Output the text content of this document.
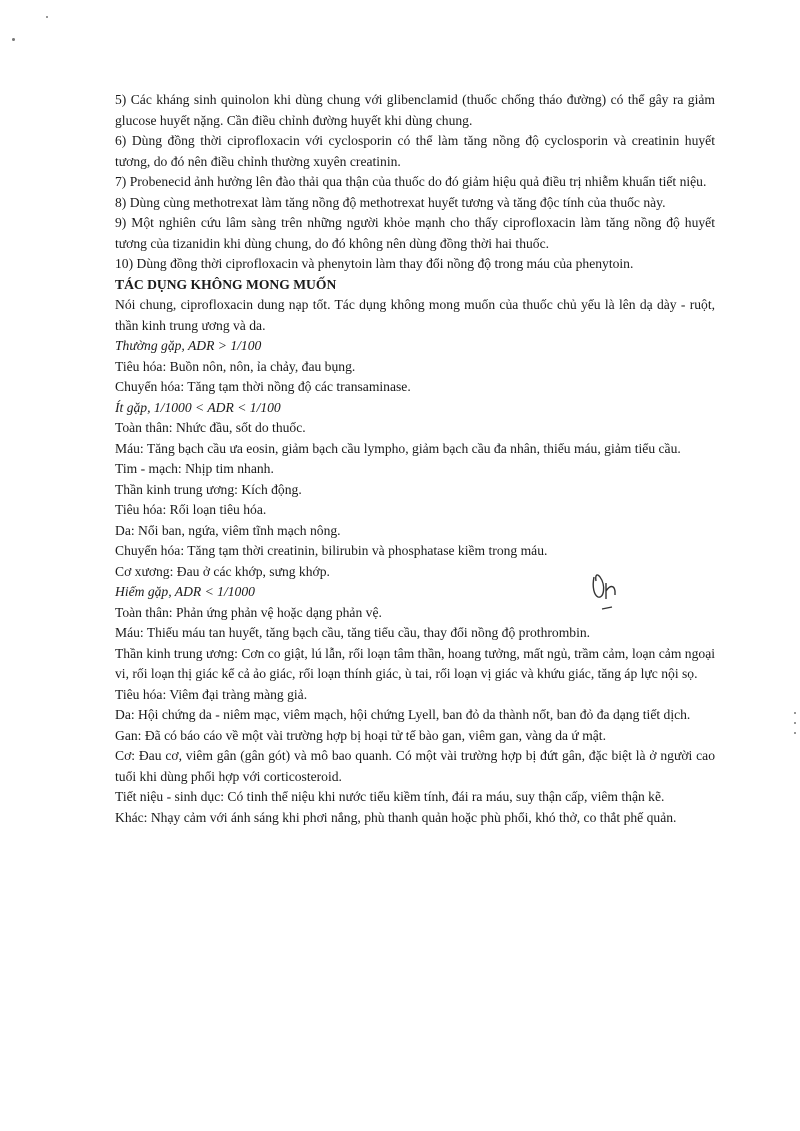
5) Các kháng sinh quinolon khi dùng chung với glibenclamid (thuốc chống tháo đường) có thể gây ra giảm glucose huyết nặng. Cần điều chỉnh đường huyết khi dùng chung.

6) Dùng đồng thời ciprofloxacin với cyclosporin có thể làm tăng nồng độ cyclosporin và creatinin huyết tương, do đó nên điều chỉnh thường xuyên creatinin.

7) Probenecid ảnh hưởng lên đào thải qua thận của thuốc do đó giảm hiệu quả điều trị nhiễm khuẩn tiết niệu.

8) Dùng cùng methotrexat làm tăng nồng độ methotrexat huyết tương và tăng độc tính của thuốc này.

9) Một nghiên cứu lâm sàng trên những người khỏe mạnh cho thấy ciprofloxacin làm tăng nồng độ huyết tương của tizanidin khi dùng chung, do đó không nên dùng đồng thời hai thuốc.

10) Dùng đồng thời ciprofloxacin và phenytoin làm thay đổi nồng độ trong máu của phenytoin.

TÁC DỤNG KHÔNG MONG MUỐN

Nói chung, ciprofloxacin dung nạp tốt. Tác dụng không mong muốn của thuốc chủ yếu là lên dạ dày - ruột, thần kinh trung ương và da.

Thường gặp, ADR > 1/100

Tiêu hóa: Buồn nôn, nôn, ỉa chảy, đau bụng.

Chuyển hóa: Tăng tạm thời nồng độ các transaminase.

Ít gặp, 1/1000 < ADR < 1/100

Toàn thân: Nhức đầu, sốt do thuốc.

Máu: Tăng bạch cầu ưa eosin, giảm bạch cầu lympho, giảm bạch cầu đa nhân, thiếu máu, giảm tiểu cầu.

Tim - mạch: Nhịp tim nhanh.

Thần kinh trung ương: Kích động.

Tiêu hóa: Rối loạn tiêu hóa.

Da: Nổi ban, ngứa, viêm tĩnh mạch nông.

Chuyển hóa: Tăng tạm thời creatinin, bilirubin và phosphatase kiềm trong máu.

Cơ xương: Đau ở các khớp, sưng khớp.

Hiếm gặp, ADR < 1/1000

Toàn thân: Phản ứng phản vệ hoặc dạng phản vệ.

Máu: Thiếu máu tan huyết, tăng bạch cầu, tăng tiểu cầu, thay đổi nồng độ prothrombin.

Thần kinh trung ương: Cơn co giật, lú lẫn, rối loạn tâm thần, hoang tưởng, mất ngủ, trầm cảm, loạn cảm ngoại vi, rối loạn thị giác kể cả ảo giác, rối loạn thính giác, ù tai, rối loạn vị giác và khứu giác, tăng áp lực nội sọ.

Tiêu hóa: Viêm đại tràng màng giả.

Da: Hội chứng da - niêm mạc, viêm mạch, hội chứng Lyell, ban đỏ da thành nốt, ban đỏ đa dạng tiết dịch.

Gan: Đã có báo cáo về một vài trường hợp bị hoại tử tế bào gan, viêm gan, vàng da ứ mật.

Cơ: Đau cơ, viêm gân (gân gót) và mô bao quanh. Có một vài trường hợp bị đứt gân, đặc biệt là ở người cao tuổi khi dùng phối hợp với corticosteroid.

Tiết niệu - sinh dục: Có tinh thể niệu khi nước tiểu kiềm tính, đái ra máu, suy thận cấp, viêm thận kẽ.

Khác: Nhạy cảm với ánh sáng khi phơi nắng, phù thanh quản hoặc phù phổi, khó thở, co thắt phế quản.
